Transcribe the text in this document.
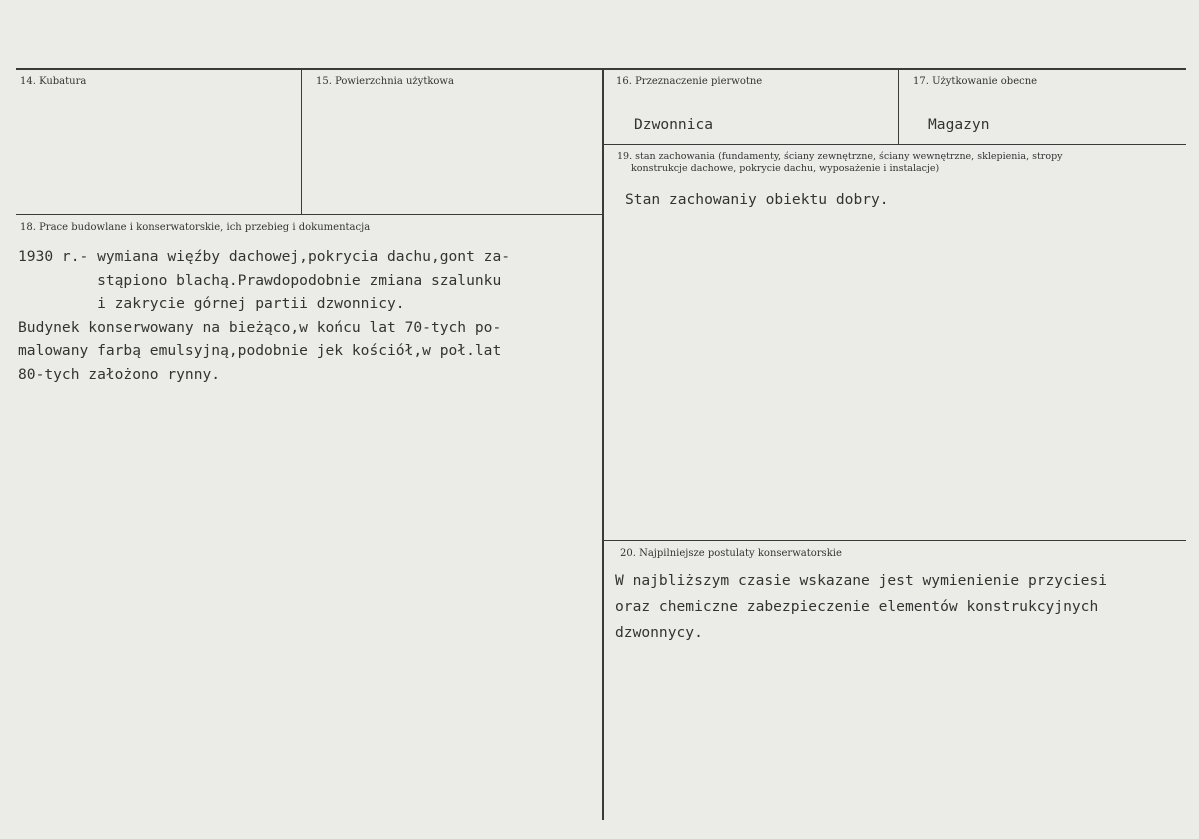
14. Kubatura	15. Powierzchnia użytkowa	16. Przeznaczenie pierwotne
Dzwonnica
17. Użytkowanie obecne
Magazyn
19. stan zachowania (fundamenty, ściany zewnętrzne, ściany wewnętrzne, sklepienia, stropy
konstrukcje dachowe, pokrycie dachu, wyposażenie i instalacje)
Stan zachowaniy obiektu dobry.
18. Prace budowlane i konserwatorskie, ich przebieg i dokumentacja
1930 r.- wymiana więźby dachowej,pokrycia dachu,gont za-
stąpiono blachą.Prawdopodobnie zmiana szalunku
i zakrycie górnej partii dzwonnicy.
Budynek konserwowany na bieżąco,w końcu lat 70-tych po-
malowany farbą emulsyjną,podobnie jek kościół,w poł.lat
80-tych założono rynny.
20. Najpilniejsze postulaty konserwatorskie
W najbliższym czasie wskazane jest wymienienie przyciesi
oraz chemiczne zabezpieczenie elementów konstrukcyjnych
dzwonnycy.
